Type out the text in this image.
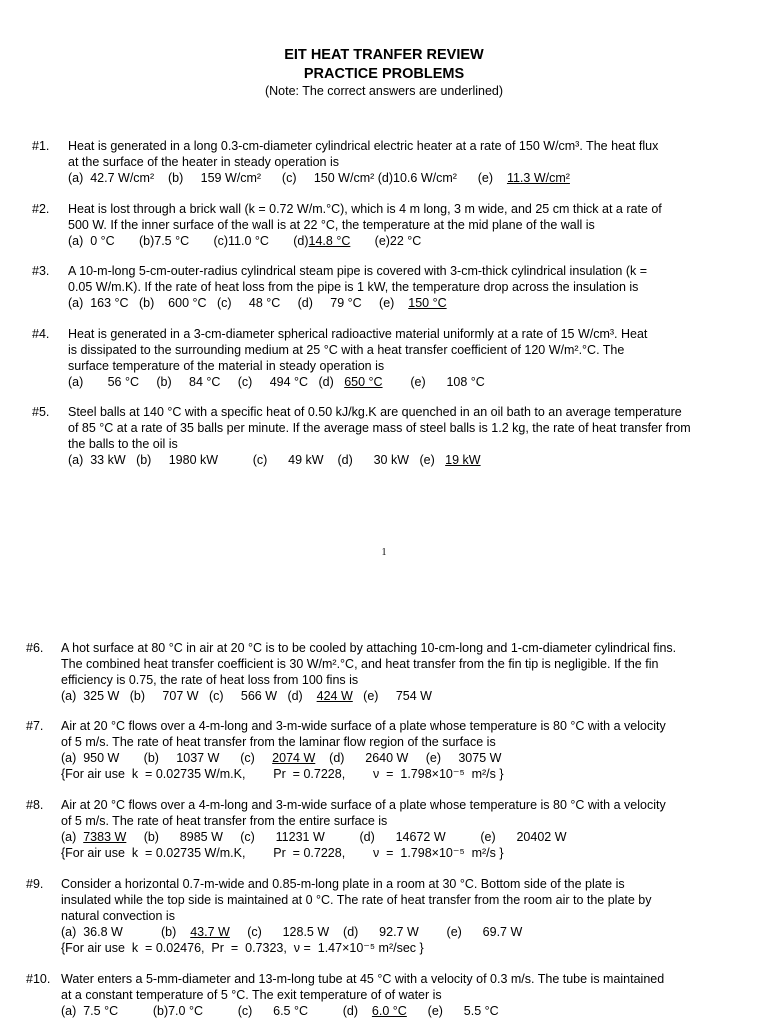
EIT HEAT TRANFER REVIEW
PRACTICE PROBLEMS
(Note: The correct answers are underlined)
#1. Heat is generated in a long 0.3-cm-diameter cylindrical electric heater at a rate of 150 W/cm³. The heat flux
at the surface of the heater in steady operation is
(a)  42.7 W/cm²    (b)     159 W/cm²      (c)     150 W/cm² (d)10.6 W/cm²      (e) 11.3 W/cm²
#2. Heat is lost through a brick wall (k = 0.72 W/m.°C), which is 4 m long, 3 m wide, and 25 cm thick at a rate of
500 W. If the inner surface of the wall is at 22 °C, the temperature at the mid plane of the wall is
(a)  0 °C       (b)7.5 °C       (c)11.0 °C       (d)14.8 °C       (e)22 °C
#3. A 10-m-long 5-cm-outer-radius cylindrical steam pipe is covered with 3-cm-thick cylindrical insulation (k =
0.05 W/m.K). If the rate of heat loss from the pipe is 1 kW, the temperature drop across the insulation is
(a)  163 °C   (b)    600 °C   (c)     48 °C     (d)     79 °C     (e) 150 °C
#4. Heat is generated in a 3-cm-diameter spherical radioactive material uniformly at a rate of 15 W/cm³. Heat
is dissipated to the surrounding medium at 25 °C with a heat transfer coefficient of 120 W/m².°C. The
surface temperature of the material in steady operation is
(a)       56 °C     (b)     84 °C     (c)     494 °C   (d) 650 °C        (e)      108 °C
#5. Steel balls at 140 °C with a specific heat of 0.50 kJ/kg.K are quenched in an oil bath to an average temperature
of 85 °C at a rate of 35 balls per minute. If the average mass of steel balls is 1.2 kg, the rate of heat transfer from
the balls to the oil is
(a)  33 kW   (b)     1980 kW          (c)      49 kW    (d)      30 kW   (e) 19 kW
1
#6. A hot surface at 80 °C in air at 20 °C is to be cooled by attaching 10-cm-long and 1-cm-diameter cylindrical fins.
The combined heat transfer coefficient is 30 W/m².°C, and heat transfer from the fin tip is negligible. If the fin
efficiency is 0.75, the rate of heat loss from 100 fins is
(a)  325 W   (b)     707 W   (c)     566 W   (d) 424 W   (e)     754 W
#7. Air at 20 °C flows over a 4-m-long and 3-m-wide surface of a plate whose temperature is 80 °C with a velocity
of 5 m/s. The rate of heat transfer from the laminar flow region of the surface is
(a)  950 W       (b)     1037 W      (c) 2074 W    (d)      2640 W     (e)     3075 W
{For air use  k  = 0.02735 W/m.K,        Pr  = 0.7228,        ν  =  1.798×10⁻⁵  m²/s }
#8. Air at 20 °C flows over a 4-m-long and 3-m-wide surface of a plate whose temperature is 80 °C with a velocity
of 5 m/s. The rate of heat transfer from the entire surface is
(a) 7383 W     (b)      8985 W     (c)      11231 W          (d)      14672 W          (e)      20402 W
{For air use  k  = 0.02735 W/m.K,        Pr  = 0.7228,        ν  =  1.798×10⁻⁵  m²/s }
#9. Consider a horizontal 0.7-m-wide and 0.85-m-long plate in a room at 30 °C. Bottom side of the plate is
insulated while the top side is maintained at 0 °C. The rate of heat transfer from the room air to the plate by
natural convection is
(a)  36.8 W           (b) 43.7 W     (c)      128.5 W    (d)      92.7 W        (e)      69.7 W
{For air use  k  = 0.02476,  Pr  =  0.7323,  ν =  1.47×10⁻⁵ m²/sec }
#10. Water enters a 5-mm-diameter and 13-m-long tube at 45 °C with a velocity of 0.3 m/s. The tube is maintained
at a constant temperature of 5 °C. The exit temperature of of water is
(a)  7.5 °C          (b)7.0 °C          (c)      6.5 °C          (d) 6.0 °C      (e)      5.5 °C
